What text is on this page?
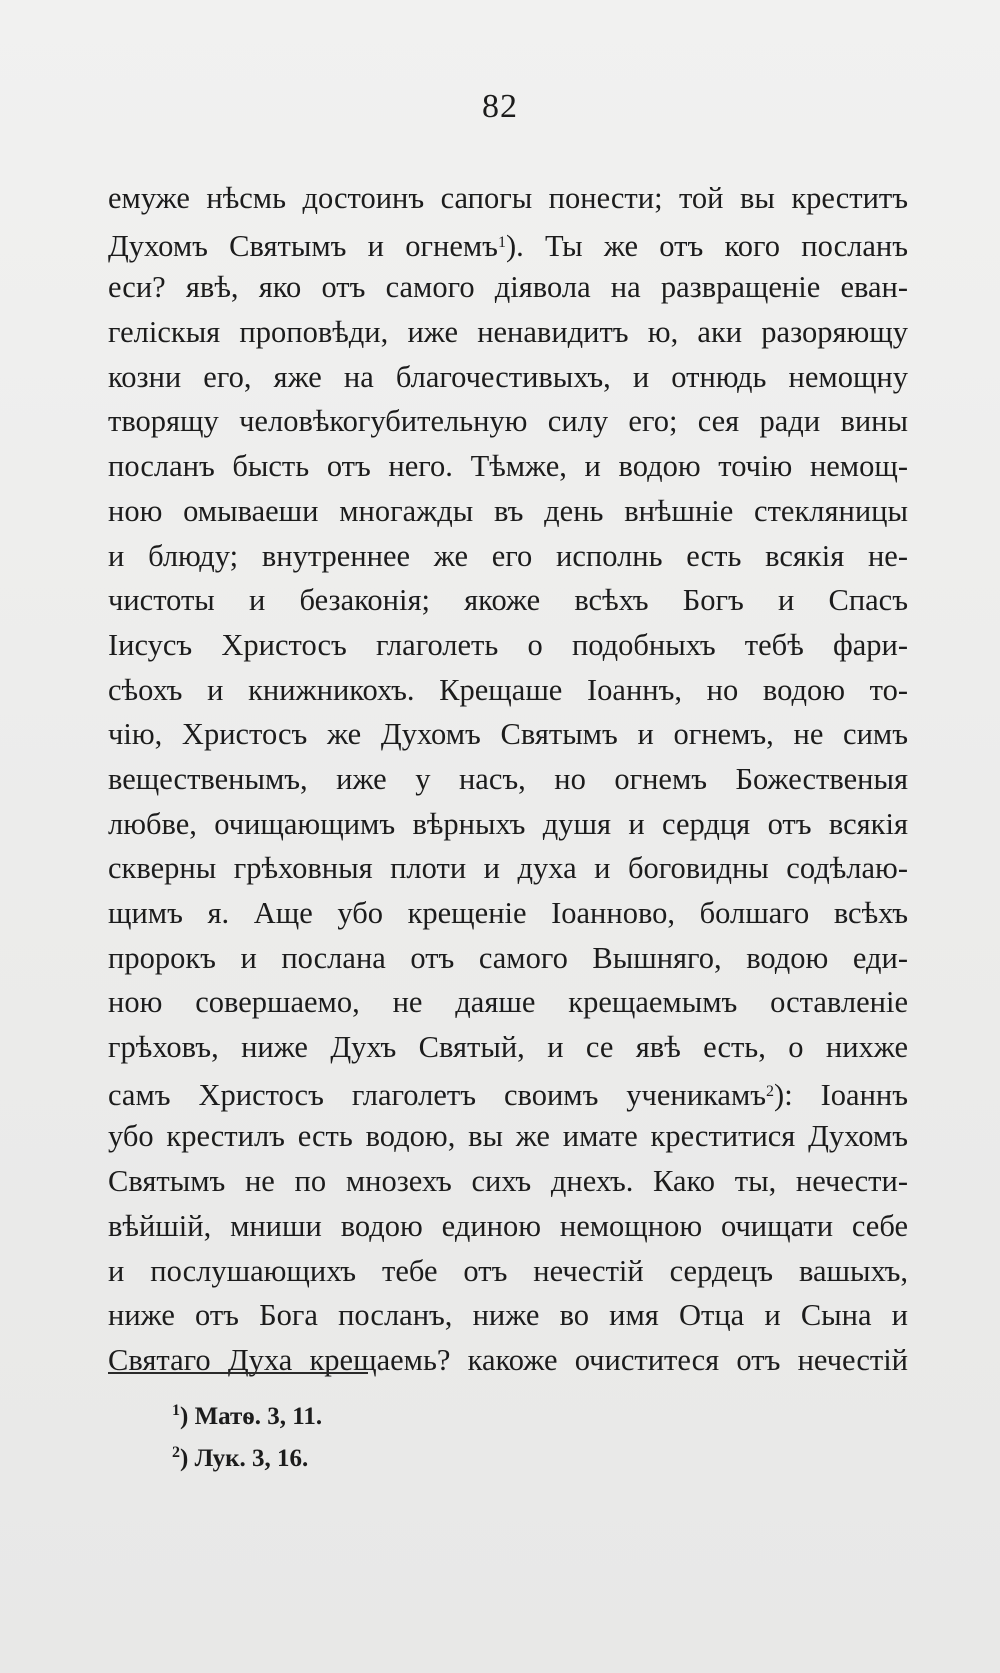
82
емуже нѣсмь достоинъ сапогы понести; той вы креститъ
Духомъ Святымъ и огнемъ$^1$). Ты же отъ кого посланъ
еси? явѣ, яко отъ самого діявола на развращеніе еван-
геліскыя проповѣди, иже ненавидитъ ю, аки разоряющу
козни его, яже на благочестивыхъ, и отнюдь немощну
творящу человѣкогубительную силу его; сея ради вины
посланъ бысть отъ него. Тѣмже, и водою точію немощ-
ною омываеши многажды въ день внѣшніе стекляницы
и блюду; внутреннее же его исполнь есть всякія не-
чистоты и безаконія; якоже всѣхъ Богъ и Спасъ
Іисусъ Христосъ глаголеть о подобныхъ тебѣ фари-
сѣохъ и книжникохъ. Крещаше Іоаннъ, но водою то-
чію, Христосъ же Духомъ Святымъ и огнемъ, не симъ
вещественымъ, иже у насъ, но огнемъ Божественыя
любве, очищающимъ вѣрныхъ душя и сердця отъ всякія
скверны грѣховныя плоти и духа и боговидны содѣлаю-
щимъ я. Аще убо крещеніе Іоанново, болшаго всѣхъ
пророкъ и послана отъ самого Вышняго, водою еди-
ною совершаемо, не даяше крещаемымъ оставленіе
грѣховъ, ниже Духъ Святый, и се явѣ есть, о нихже
самъ Христосъ глаголетъ своимъ ученикамъ$^2$): Іоаннъ
убо крестилъ есть водою, вы же имате креститися Духомъ
Святымъ не по мнозехъ сихъ днехъ. Како ты, нечести-
вѣйшій, мниши водою единою немощною очищати себе
и послушающихъ тебе отъ нечестій сердецъ вашыхъ,
ниже отъ Бога посланъ, ниже во имя Отца и Сына и
Святаго Духа крещаемь? какоже очиститеся отъ нечестій
$^1$) Матѳ. 3, 11.
$^2$) Лук. 3, 16.
